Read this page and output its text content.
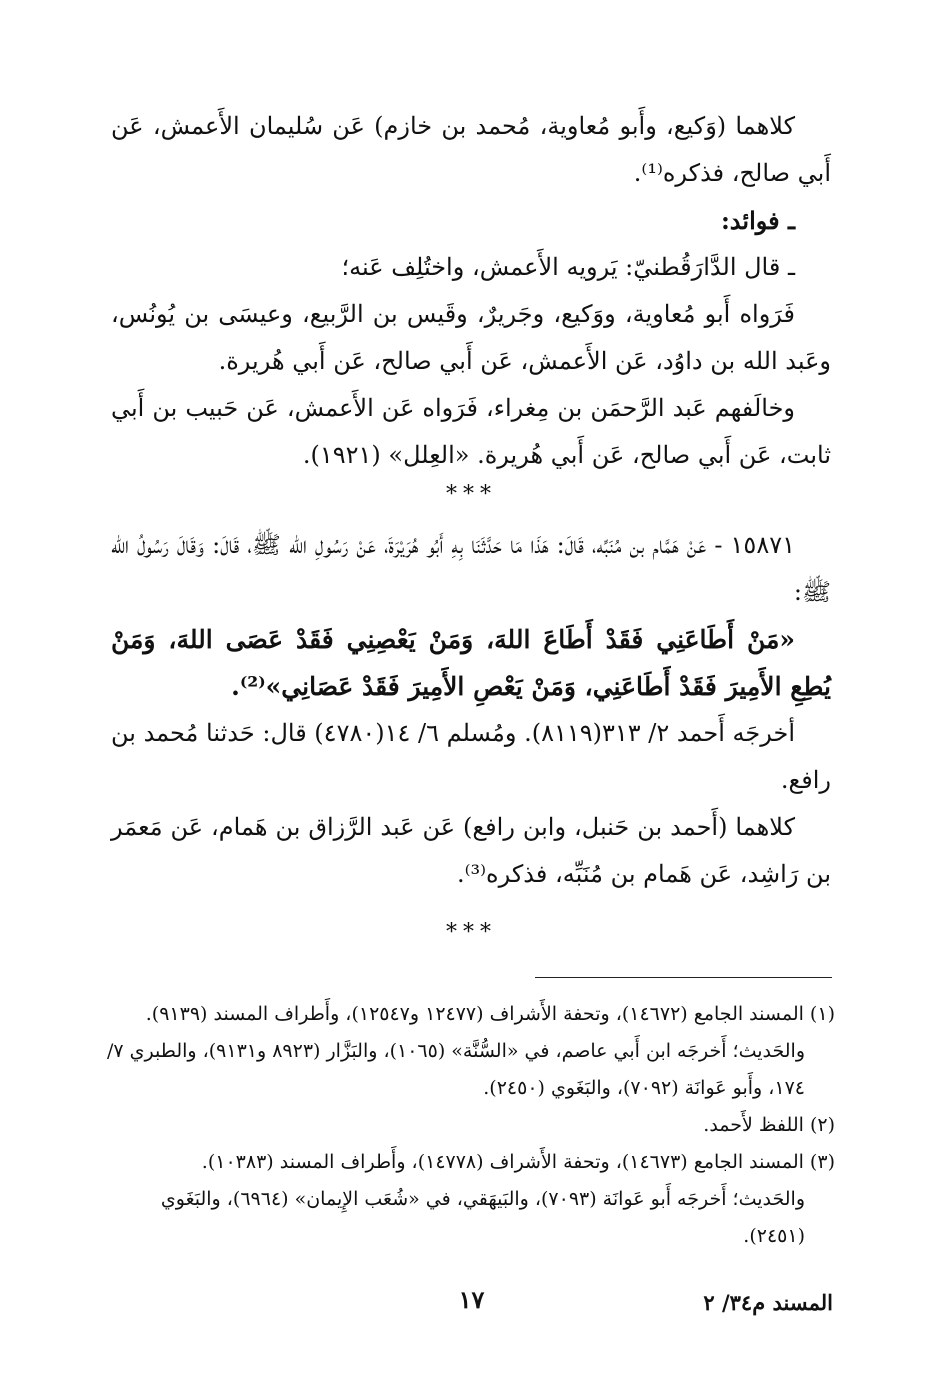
كلاهما (وَكيع، وأَبو مُعاوية، مُحمد بن خازم) عَن سُليمان الأَعمش، عَن أَبي صالح، فذكره⁽¹⁾.

ـ فوائد:

ـ قال الدَّارَقُطنيّ: يَرويه الأَعمش، واختُلِف عَنه؛

فَرَواه أَبو مُعاوية، ووَكيع، وجَريرٌ، وقَيس بن الرَّبيع، وعيسَى بن يُونُس، وعَبد الله بن داوُد، عَن الأَعمش، عَن أَبي صالح، عَن أَبي هُريرة.

وخالَفهم عَبد الرَّحمَن بن مِغراء، فَرَواه عَن الأَعمش، عَن حَبيب بن أَبي ثابت، عَن أَبي صالح، عَن أَبي هُريرة. «العِلل» (١٩٢١).

***

١٥٨٧١ - عَنْ هَمَّام بن مُنَبِّه، قَالَ: هَذَا مَا حَدَّثَنَا بِهِ أَبُو هُرَيْرَةَ، عَنْ رَسُولِ الله ﷺ، قَالَ: وَقَالَ رَسُولُ الله ﷺ:

«مَنْ أَطَاعَنِي فَقَدْ أَطَاعَ اللهَ، وَمَنْ يَعْصِنِي فَقَدْ عَصَى اللهَ، وَمَنْ يُطِعِ الأَمِيرَ فَقَدْ أَطَاعَنِي، وَمَنْ يَعْصِ الأَمِيرَ فَقَدْ عَصَانِي»⁽²⁾.

أخرجَه أَحمد ٢/ ٣١٣(٨١١٩). ومُسلم ٦/ ١٤(٤٧٨٠) قال: حَدثنا مُحمد بن رافع.

كلاهما (أَحمد بن حَنبل، وابن رافع) عَن عَبد الرَّزاق بن هَمام، عَن مَعمَر بن رَاشِد، عَن هَمام بن مُنَبِّه، فذكره⁽³⁾.

***

(١) المسند الجامع (١٤٦٧٢)، وتحفة الأَشراف (١٢٤٧٧ و١٢٥٤٧)، وأَطراف المسند (٩١٣٩).

والحَديث؛ أَخرجَه ابن أَبي عاصم، في «السُّنَّة» (١٠٦٥)، والبَزَّار (٨٩٢٣ و٩١٣١)، والطبري ٧/ ١٧٤، وأَبو عَوانَة (٧٠٩٢)، والبَغَوي (٢٤٥٠).

(٢) اللفظ لأَحمد.

(٣) المسند الجامع (١٤٦٧٣)، وتحفة الأَشراف (١٤٧٧٨)، وأَطراف المسند (١٠٣٨٣).

والحَديث؛ أَخرجَه أَبو عَوانَة (٧٠٩٣)، والبَيهَقي، في «شُعَب الإِيمان» (٦٩٦٤)، والبَغَوي (٢٤٥١).

١٧	المسند م٣٤/ ٢
